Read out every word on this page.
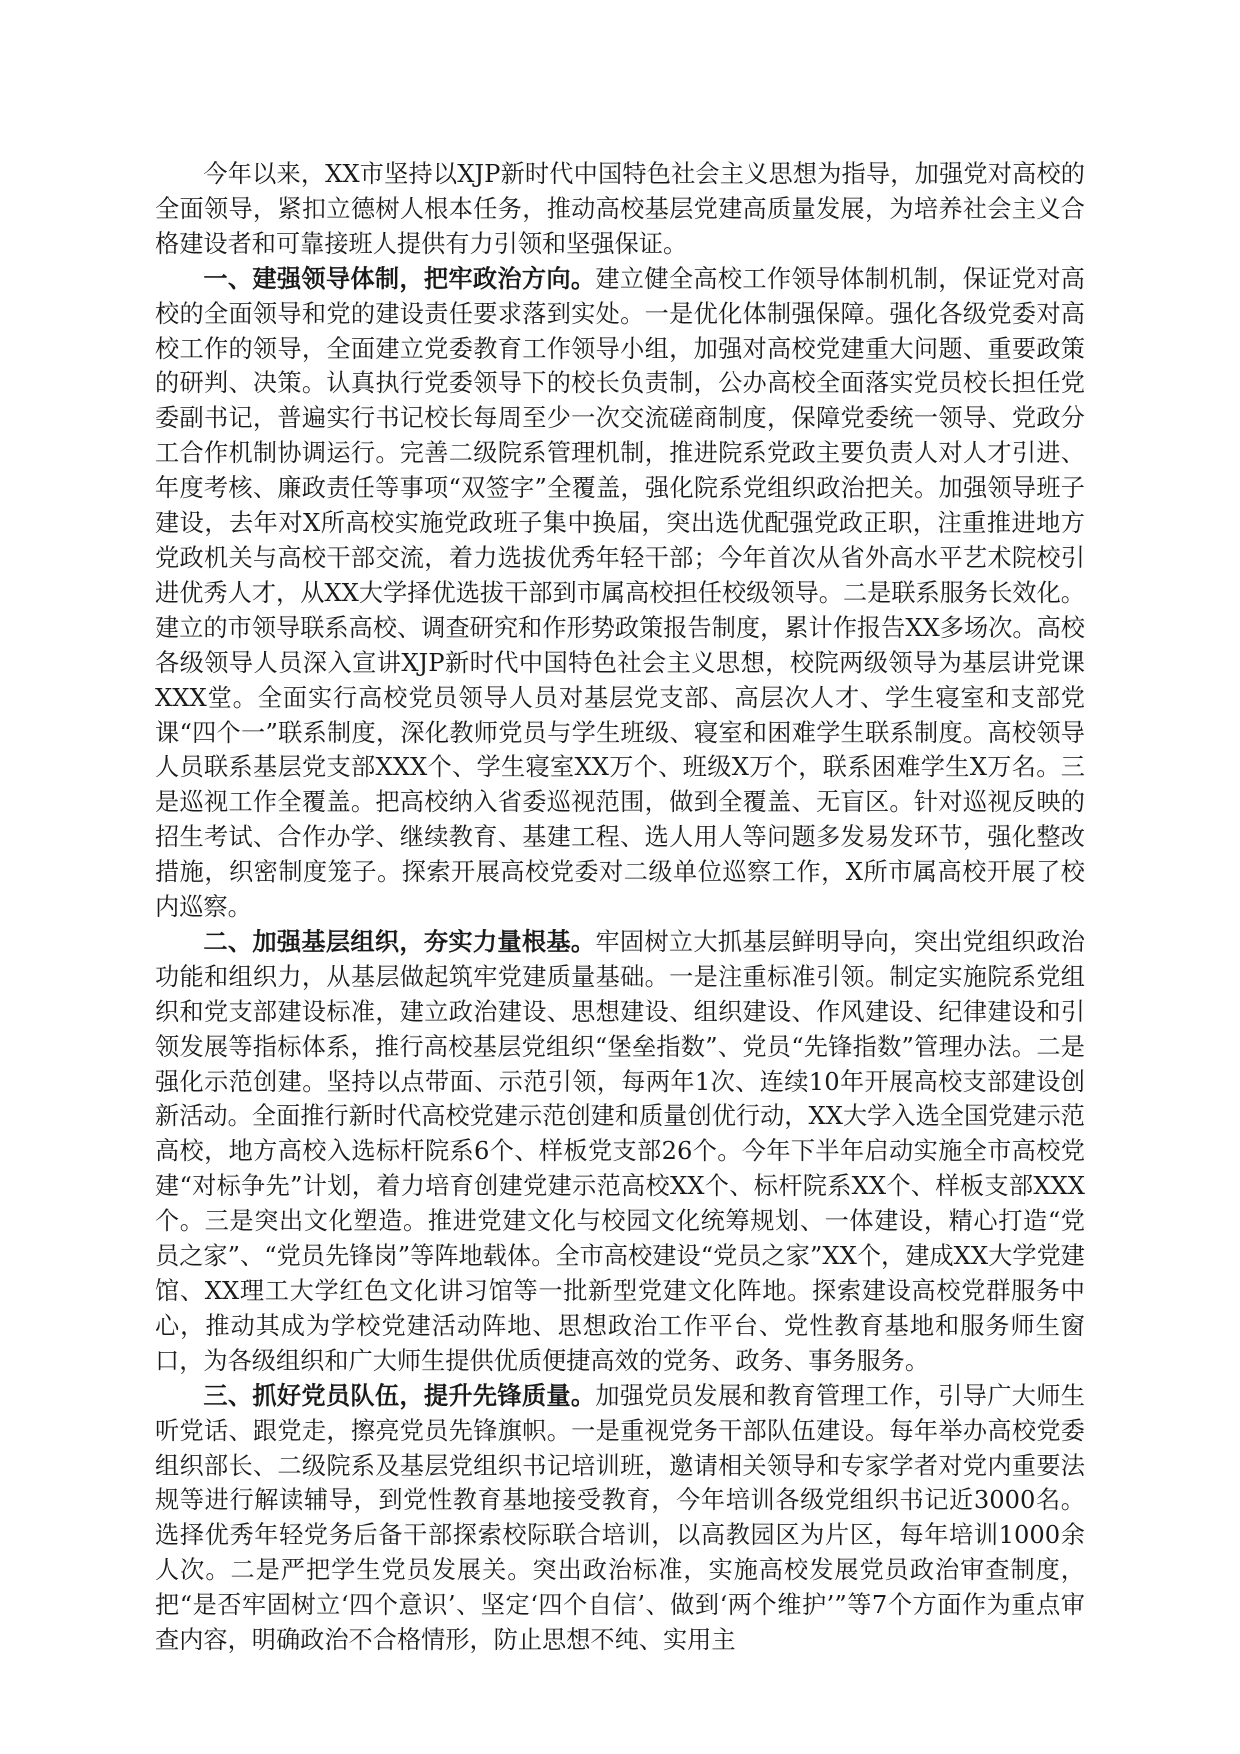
今年以来，XX市坚持以XJP新时代中国特色社会主义思想为指导，加强党对高校的全面领导，紧扣立德树人根本任务，推动高校基层党建高质量发展，为培养社会主义合格建设者和可靠接班人提供有力引领和坚强保证。

一、建强领导体制，把牢政治方向。建立健全高校工作领导体制机制，保证党对高校的全面领导和党的建设责任要求落到实处。一是优化体制强保障。强化各级党委对高校工作的领导，全面建立党委教育工作领导小组，加强对高校党建重大问题、重要政策的研判、决策。认真执行党委领导下的校长负责制，公办高校全面落实党员校长担任党委副书记，普遍实行书记校长每周至少一次交流磋商制度，保障党委统一领导、党政分工合作机制协调运行。完善二级院系管理机制，推进院系党政主要负责人对人才引进、年度考核、廉政责任等事项“双签字”全覆盖，强化院系党组织政治把关。加强领导班子建设，去年对X所高校实施党政班子集中换届，突出选优配强党政正职，注重推进地方党政机关与高校干部交流，着力选拔优秀年轻干部；今年首次从省外高水平艺术院校引进优秀人才，从XX大学择优选拔干部到市属高校担任校级领导。二是联系服务长效化。建立的市领导联系高校、调查研究和作形势政策报告制度，累计作报告XX多场次。高校各级领导人员深入宣讲XJP新时代中国特色社会主义思想，校院两级领导为基层讲党课XXX堂。全面实行高校党员领导人员对基层党支部、高层次人才、学生寝室和支部党课“四个一”联系制度，深化教师党员与学生班级、寝室和困难学生联系制度。高校领导人员联系基层党支部XXX个、学生寝室XX万个、班级X万个，联系困难学生X万名。三是巡视工作全覆盖。把高校纳入省委巡视范围，做到全覆盖、无盲区。针对巡视反映的招生考试、合作办学、继续教育、基建工程、选人用人等问题多发易发环节，强化整改措施，织密制度笼子。探索开展高校党委对二级单位巡察工作，X所市属高校开展了校内巡察。

二、加强基层组织，夯实力量根基。牢固树立大抓基层鲜明导向，突出党组织政治功能和组织力，从基层做起筑牢党建质量基础。一是注重标准引领。制定实施院系党组织和党支部建设标准，建立政治建设、思想建设、组织建设、作风建设、纪律建设和引领发展等指标体系，推行高校基层党组织“堡垒指数”、党员“先锋指数”管理办法。二是强化示范创建。坚持以点带面、示范引领，每两年1次、连续10年开展高校支部建设创新活动。全面推行新时代高校党建示范创建和质量创优行动，XX大学入选全国党建示范高校，地方高校入选标杆院系6个、样板党支部26个。今年下半年启动实施全市高校党建“对标争先”计划，着力培育创建党建示范高校XX个、标杆院系XX个、样板支部XXX个。三是突出文化塑造。推进党建文化与校园文化统筹规划、一体建设，精心打造“党员之家”、“党员先锋岗”等阵地载体。全市高校建设“党员之家”XX个，建成XX大学党建馆、XX理工大学红色文化讲习馆等一批新型党建文化阵地。探索建设高校党群服务中心，推动其成为学校党建活动阵地、思想政治工作平台、党性教育基地和服务师生窗口，为各级组织和广大师生提供优质便捷高效的党务、政务、事务服务。

三、抓好党员队伍，提升先锋质量。加强党员发展和教育管理工作，引导广大师生听党话、跟党走，擦亮党员先锋旗帜。一是重视党务干部队伍建设。每年举办高校党委组织部长、二级院系及基层党组织书记培训班，邀请相关领导和专家学者对党内重要法规等进行解读辅导，到党性教育基地接受教育，今年培训各级党组织书记近3000名。选择优秀年轻党务后备干部探索校际联合培训，以高教园区为片区，每年培训1000余人次。二是严把学生党员发展关。突出政治标准，实施高校发展党员政治审查制度，把“是否牢固树立‘四个意识’、坚定‘四个自信’、做到‘两个维护’”等7个方面作为重点审查内容，明确政治不合格情形，防止思想不纯、实用主
